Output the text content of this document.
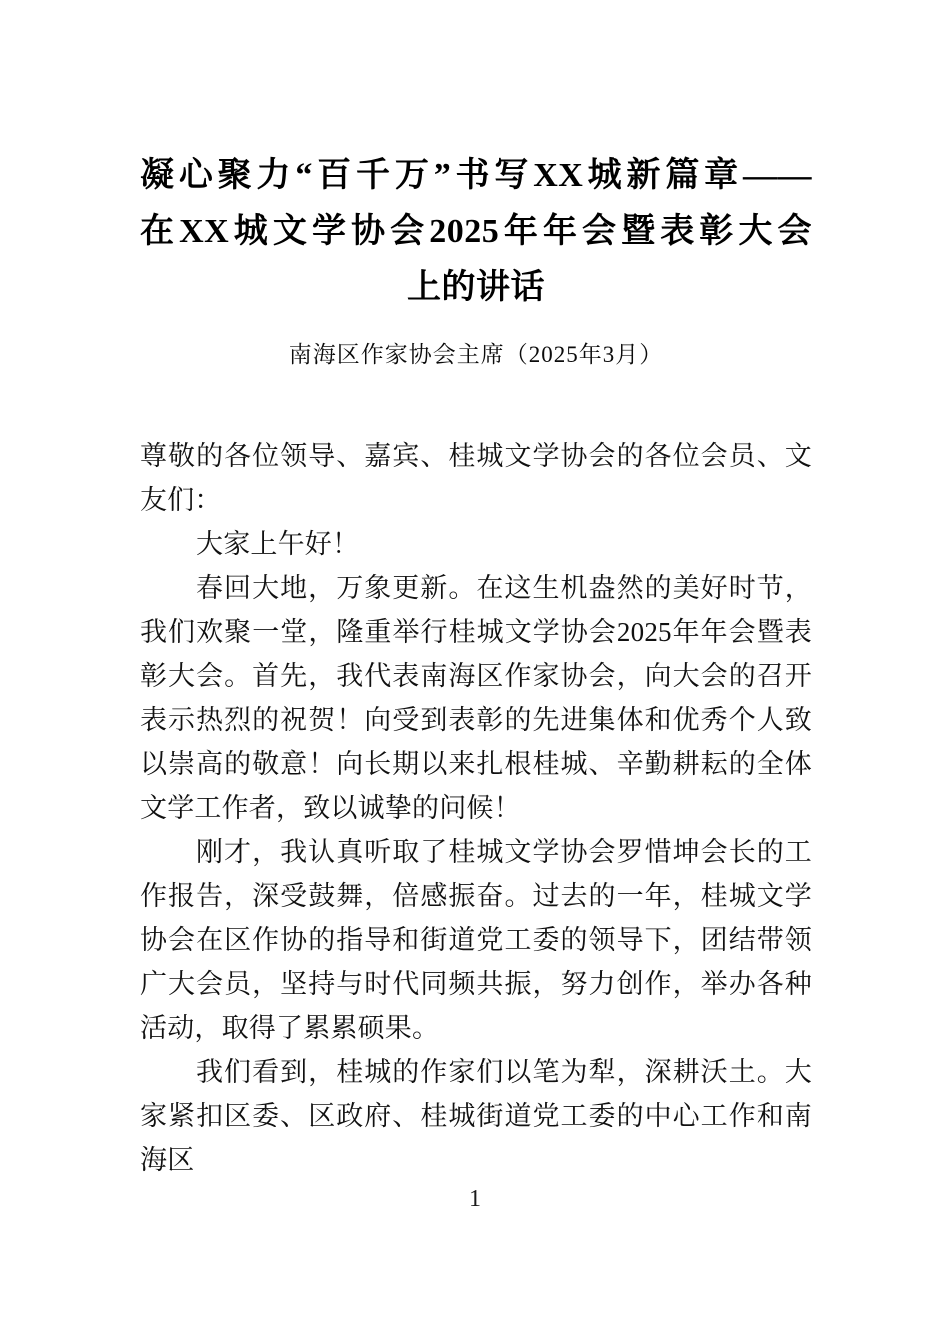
凝心聚力“百千万”书写XX城新篇章——
在XX城文学协会2025年年会暨表彰大会
上的讲话
南海区作家协会主席（2025年3月）

尊敬的各位领导、嘉宾、桂城文学协会的各位会员、文友们：

大家上午好！

春回大地，万象更新。在这生机盎然的美好时节，我们欢聚一堂，隆重举行桂城文学协会2025年年会暨表彰大会。首先，我代表南海区作家协会，向大会的召开表示热烈的祝贺！向受到表彰的先进集体和优秀个人致以崇高的敬意！向长期以来扎根桂城、辛勤耕耘的全体文学工作者，致以诚挚的问候！

刚才，我认真听取了桂城文学协会罗惜坤会长的工作报告，深受鼓舞，倍感振奋。过去的一年，桂城文学协会在区作协的指导和街道党工委的领导下，团结带领广大会员，坚持与时代同频共振，努力创作，举办各种活动，取得了累累硕果。

我们看到，桂城的作家们以笔为犁，深耕沃土。大家紧扣区委、区政府、桂城街道党工委的中心工作和南海区

1
